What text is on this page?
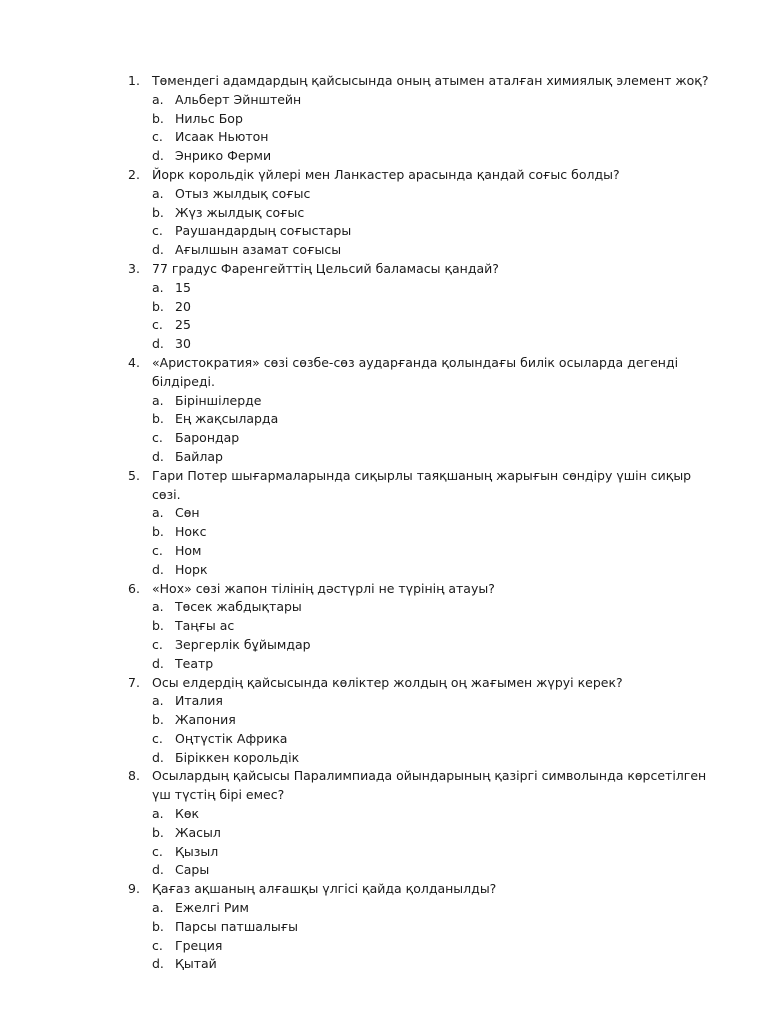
1. Төмендегі адамдардың қайсысында оның атымен аталған химиялық элемент жоқ?
a. Альберт Эйнштейн
b. Нильс Бор
c. Исаак Ньютон
d. Энрико Ферми
2. Йорк корольдік үйлері мен Ланкастер арасында қандай соғыс болды?
a. Отыз жылдық соғыс
b. Жүз жылдық соғыс
c. Раушандардың соғыстары
d. Ағылшын азамат соғысы
3. 77 градус Фаренгейттің Цельсий баламасы қандай?
a. 15
b. 20
c. 25
d. 30
4. «Аристократия» сөзі сөзбе-сөз аударғанда қолындағы билік осыларда дегенді білдіреді.
a. Біріншілерде
b. Ең жақсыларда
c. Барондар
d. Байлар
5. Гари Потер шығармаларында сиқырлы таяқшаның жарығын сөндіру үшін сиқыр сөзі.
a. Сөн
b. Нокс
c. Ном
d. Норк
6. «Нох» сөзі жапон тілінің дәстүрлі не түрінің атауы?
a. Төсек жабдықтары
b. Таңғы ас
c. Зергерлік бұйымдар
d. Театр
7. Осы елдердің қайсысында көліктер жолдың оң жағымен жүруі керек?
a. Италия
b. Жапония
c. Оңтүстік Африка
d. Біріккен корольдік
8. Осылардың қайсысы Паралимпиада ойындарының қазіргі символында көрсетілген үш түстің бірі емес?
a. Көк
b. Жасыл
c. Қызыл
d. Сары
9. Қағаз ақшаның алғашқы үлгісі қайда қолданылды?
a. Ежелгі Рим
b. Парсы патшалығы
c. Греция
d. Қытай
